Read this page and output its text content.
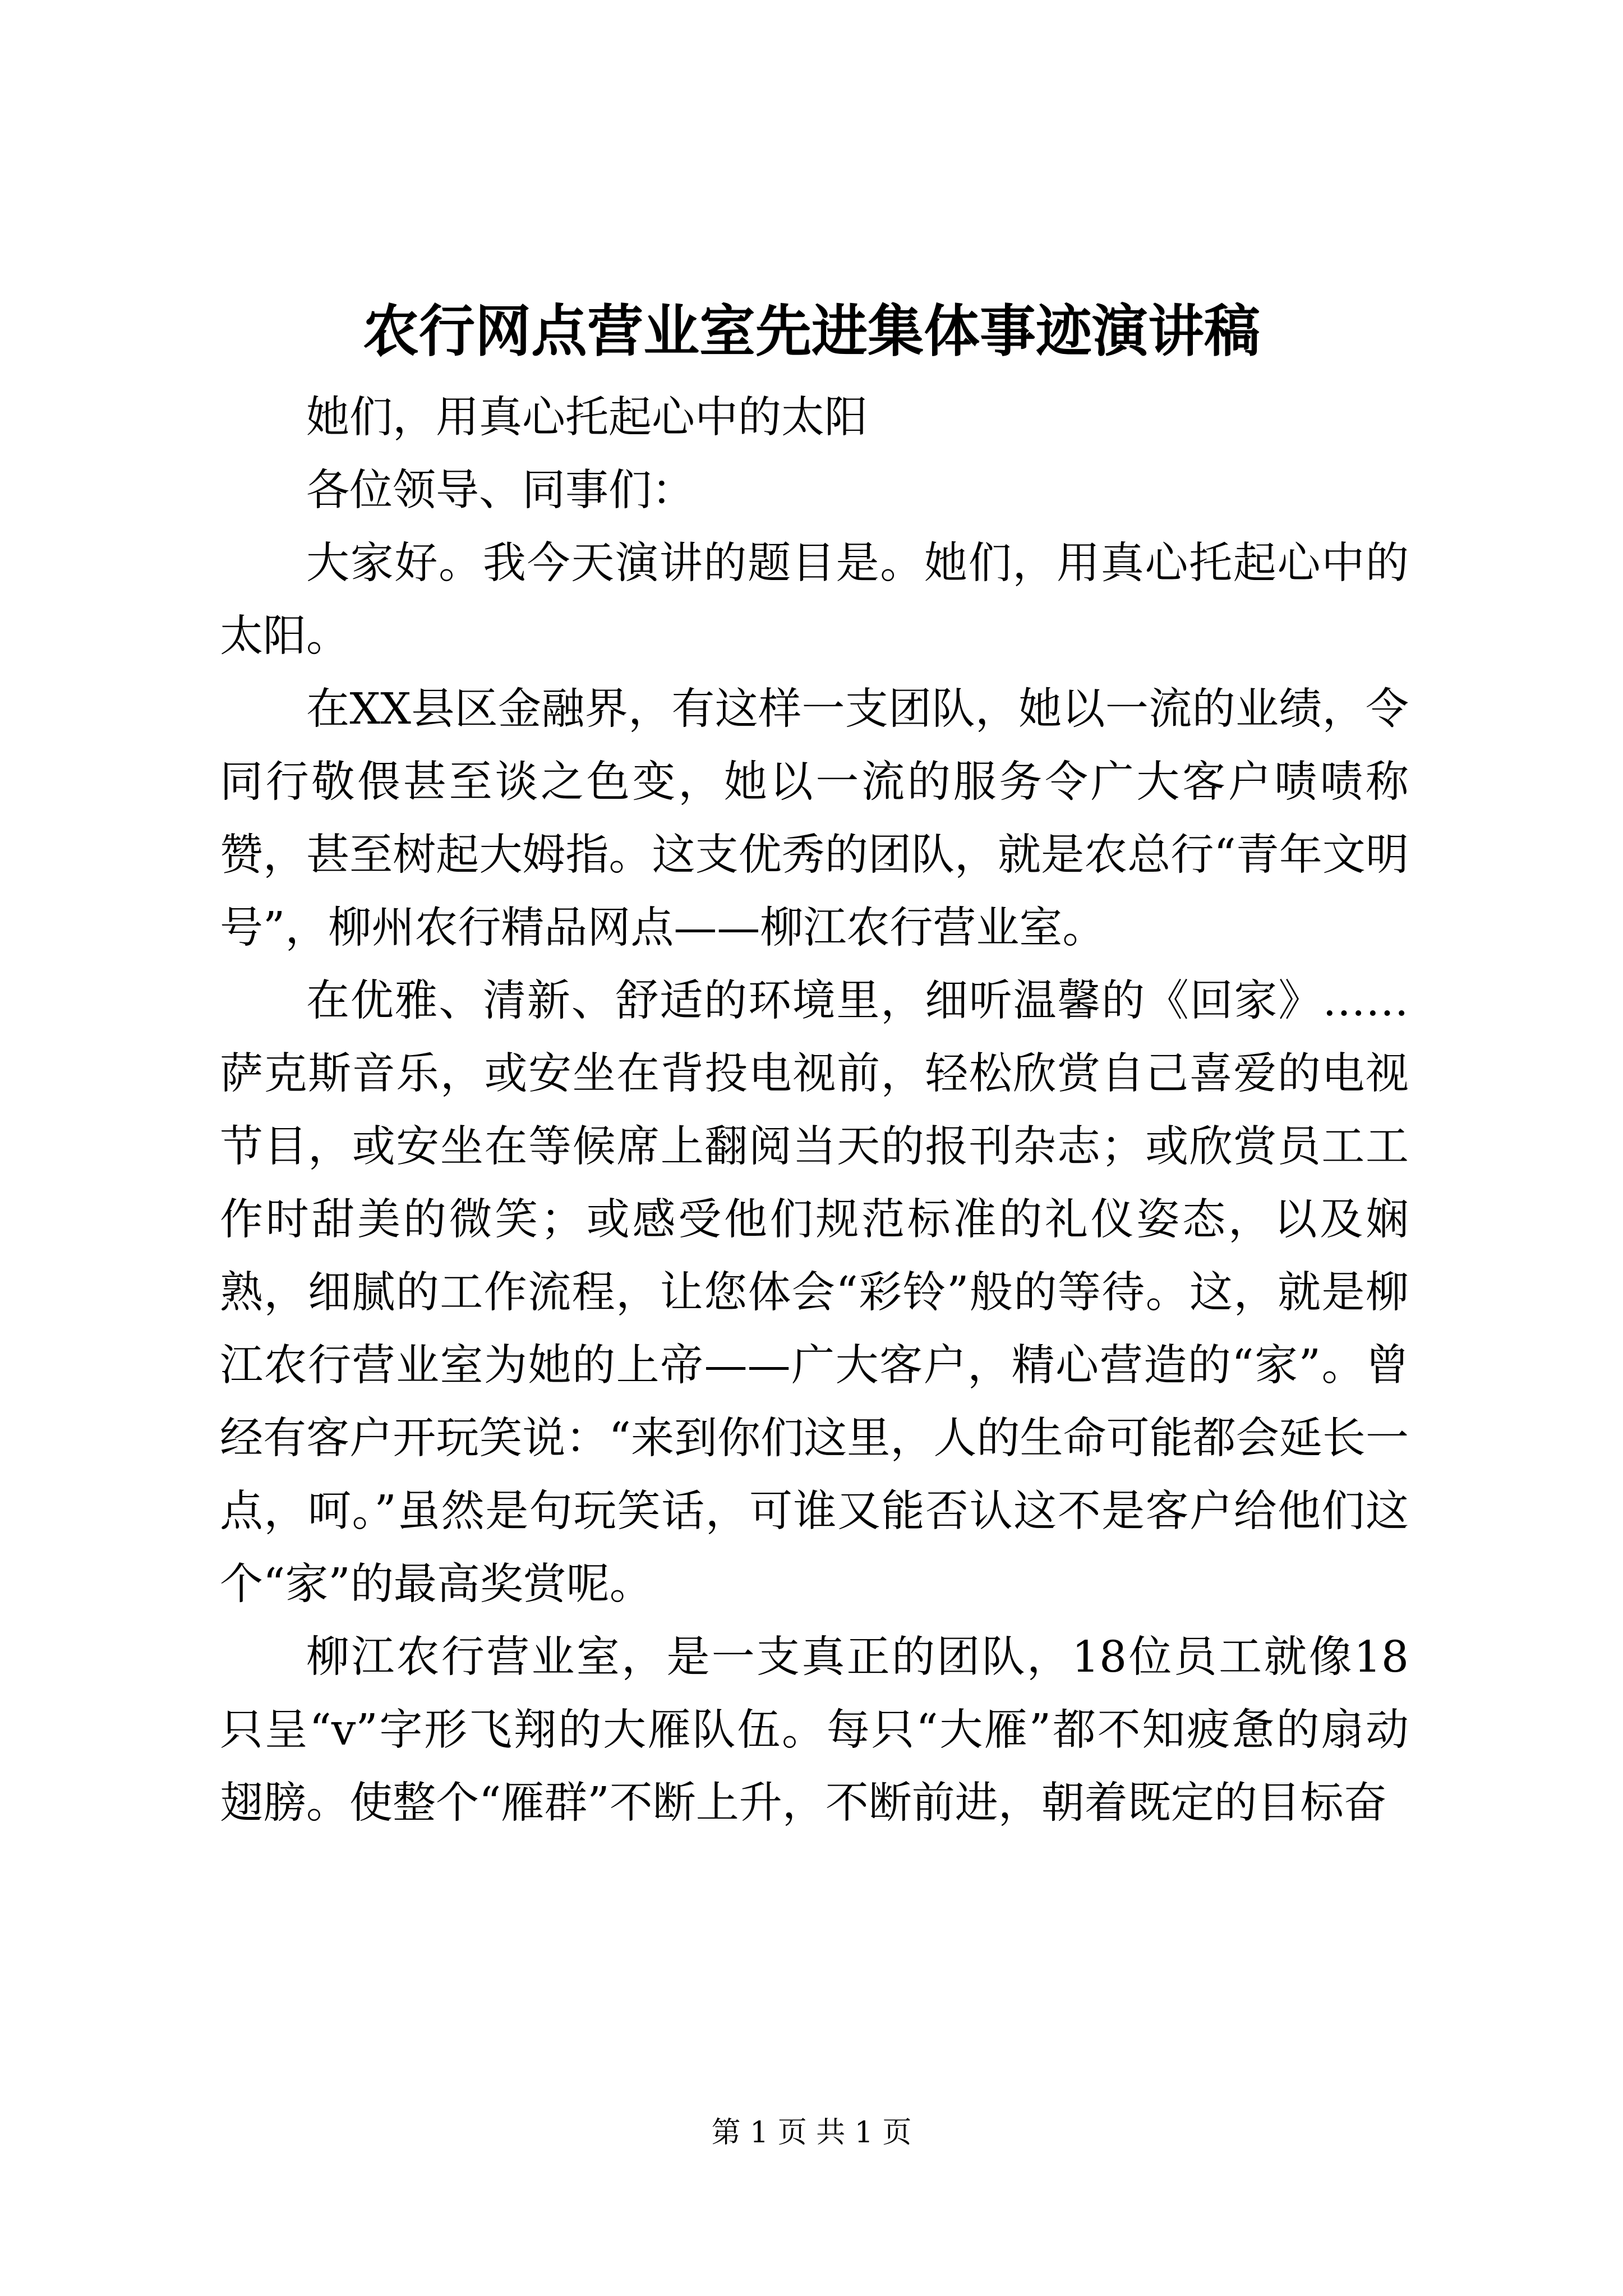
农行网点营业室先进集体事迹演讲稿

她们，用真心托起心中的太阳

各位领导、同事们：

大家好。我今天演讲的题目是。她们，用真心托起心中的太阳。

在XX县区金融界，有这样一支团队，她以一流的业绩，令同行敬偎甚至谈之色变，她以一流的服务令广大客户啧啧称赞，甚至树起大姆指。这支优秀的团队，就是农总行“青年文明号”，柳州农行精品网点——柳江农行营业室。

在优雅、清新、舒适的环境里，细听温馨的《回家》……萨克斯音乐，或安坐在背投电视前，轻松欣赏自己喜爱的电视节目，或安坐在等候席上翻阅当天的报刊杂志；或欣赏员工工作时甜美的微笑；或感受他们规范标准的礼仪姿态，以及娴熟，细腻的工作流程，让您体会“彩铃”般的等待。这，就是柳江农行营业室为她的上帝——广大客户，精心营造的“家”。曾经有客户开玩笑说：“来到你们这里，人的生命可能都会延长一点，呵。”虽然是句玩笑话，可谁又能否认这不是客户给他们这个“家”的最高奖赏呢。

柳江农行营业室，是一支真正的团队，18位员工就像18只呈“v”字形飞翔的大雁队伍。每只“大雁”都不知疲惫的扇动翅膀。使整个“雁群”不断上升，不断前进，朝着既定的目标奋

第 1 页 共 1 页
